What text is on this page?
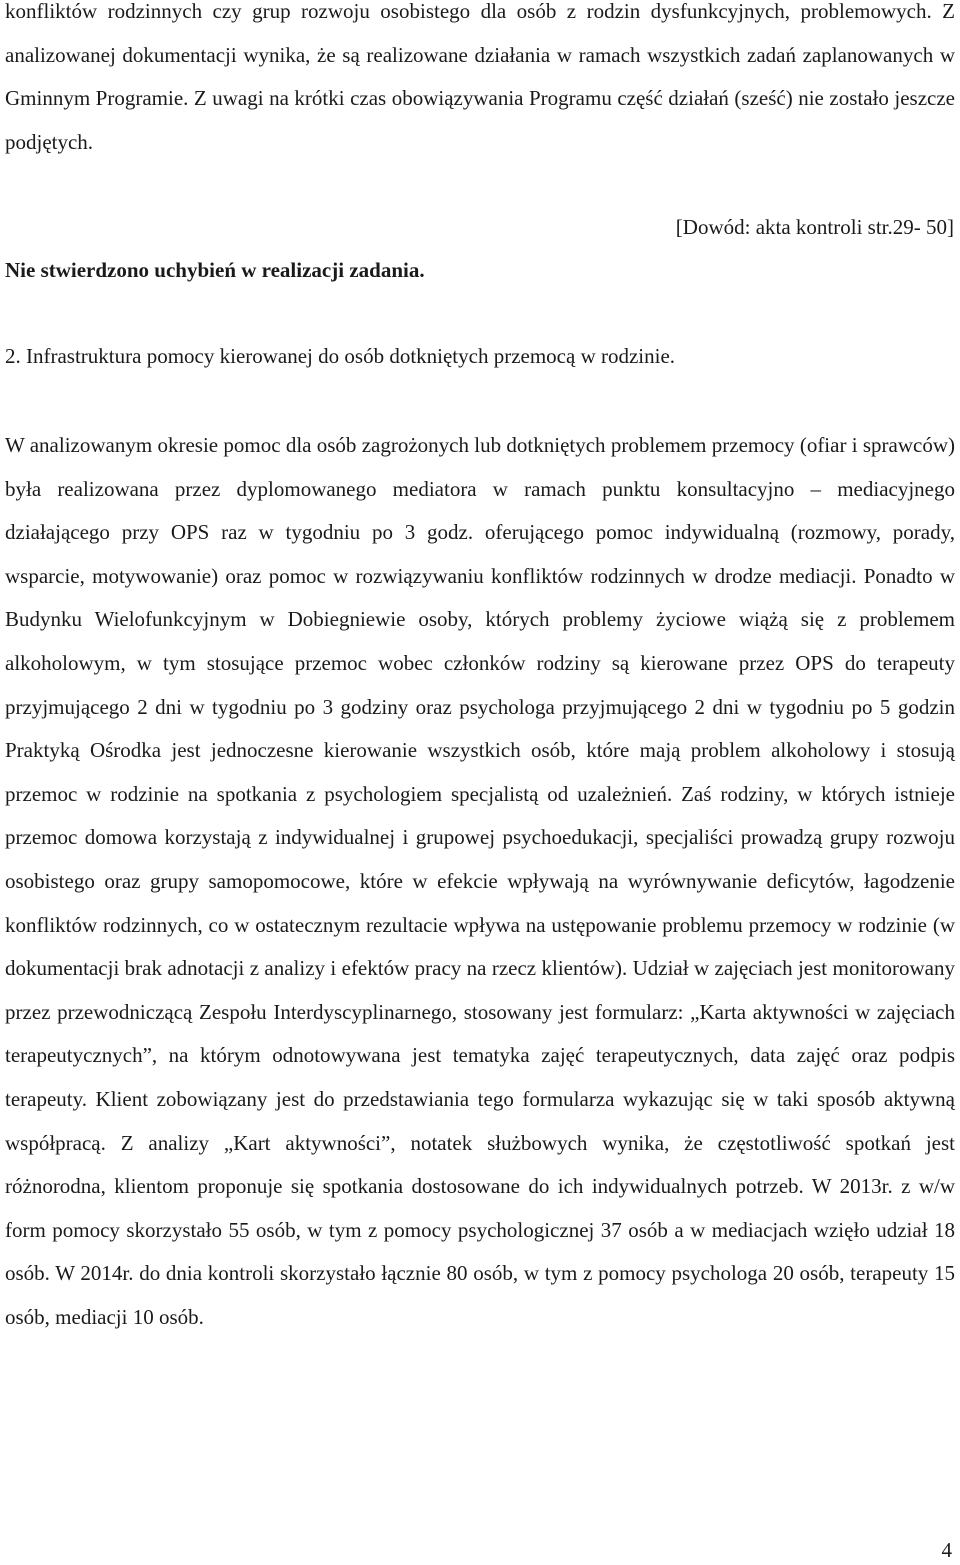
konfliktów rodzinnych czy grup rozwoju osobistego dla osób z rodzin dysfunkcyjnych, problemowych. Z analizowanej dokumentacji wynika, że są realizowane działania w ramach wszystkich zadań zaplanowanych w Gminnym Programie. Z uwagi na krótki czas obowiązywania Programu część działań (sześć) nie zostało jeszcze podjętych.

[Dowód: akta kontroli str.29- 50]

Nie stwierdzono uchybień w realizacji zadania.

2. Infrastruktura pomocy kierowanej do osób dotkniętych przemocą w rodzinie.

W analizowanym okresie pomoc dla osób zagrożonych lub dotkniętych problemem przemocy (ofiar i sprawców) była realizowana przez dyplomowanego mediatora w ramach punktu konsultacyjno – mediacyjnego działającego przy OPS raz w tygodniu po 3 godz. oferującego pomoc indywidualną (rozmowy, porady, wsparcie, motywowanie) oraz pomoc w rozwiązywaniu konfliktów rodzinnych w drodze mediacji. Ponadto w Budynku Wielofunkcyjnym w Dobiegniewie osoby, których problemy życiowe wiążą się z problemem alkoholowym, w tym stosujące przemoc wobec członków rodziny są kierowane przez OPS do terapeuty przyjmującego 2 dni w tygodniu po 3 godziny oraz psychologa przyjmującego 2 dni w tygodniu po 5 godzin Praktyką Ośrodka jest jednoczesne kierowanie wszystkich osób, które mają problem alkoholowy i stosują przemoc w rodzinie na spotkania z psychologiem specjalistą od uzależnień. Zaś rodziny, w których istnieje przemoc domowa korzystają z indywidualnej i grupowej psychoedukacji, specjaliści prowadzą grupy rozwoju osobistego oraz grupy samopomocowe, które w efekcie wpływają na wyrównywanie deficytów, łagodzenie konfliktów rodzinnych, co w ostatecznym rezultacie wpływa na ustępowanie problemu przemocy w rodzinie (w dokumentacji brak adnotacji z analizy i efektów pracy na rzecz klientów). Udział w zajęciach jest monitorowany przez przewodniczącą Zespołu Interdyscyplinarnego, stosowany jest formularz: „Karta aktywności w zajęciach terapeutycznych”, na którym odnotowywana jest tematyka zajęć terapeutycznych, data zajęć oraz podpis terapeuty. Klient zobowiązany jest do przedstawiania tego formularza wykazując się w taki sposób aktywną współpracą. Z analizy „Kart aktywności”, notatek służbowych wynika, że częstotliwość spotkań jest różnorodna, klientom proponuje się spotkania dostosowane do ich indywidualnych potrzeb. W 2013r. z w/w form pomocy skorzystało 55 osób, w tym z pomocy psychologicznej 37 osób a w mediacjach wzięło udział 18 osób. W 2014r. do dnia kontroli skorzystało łącznie 80 osób, w tym z pomocy psychologa 20 osób, terapeuty 15 osób, mediacji 10 osób.

4
